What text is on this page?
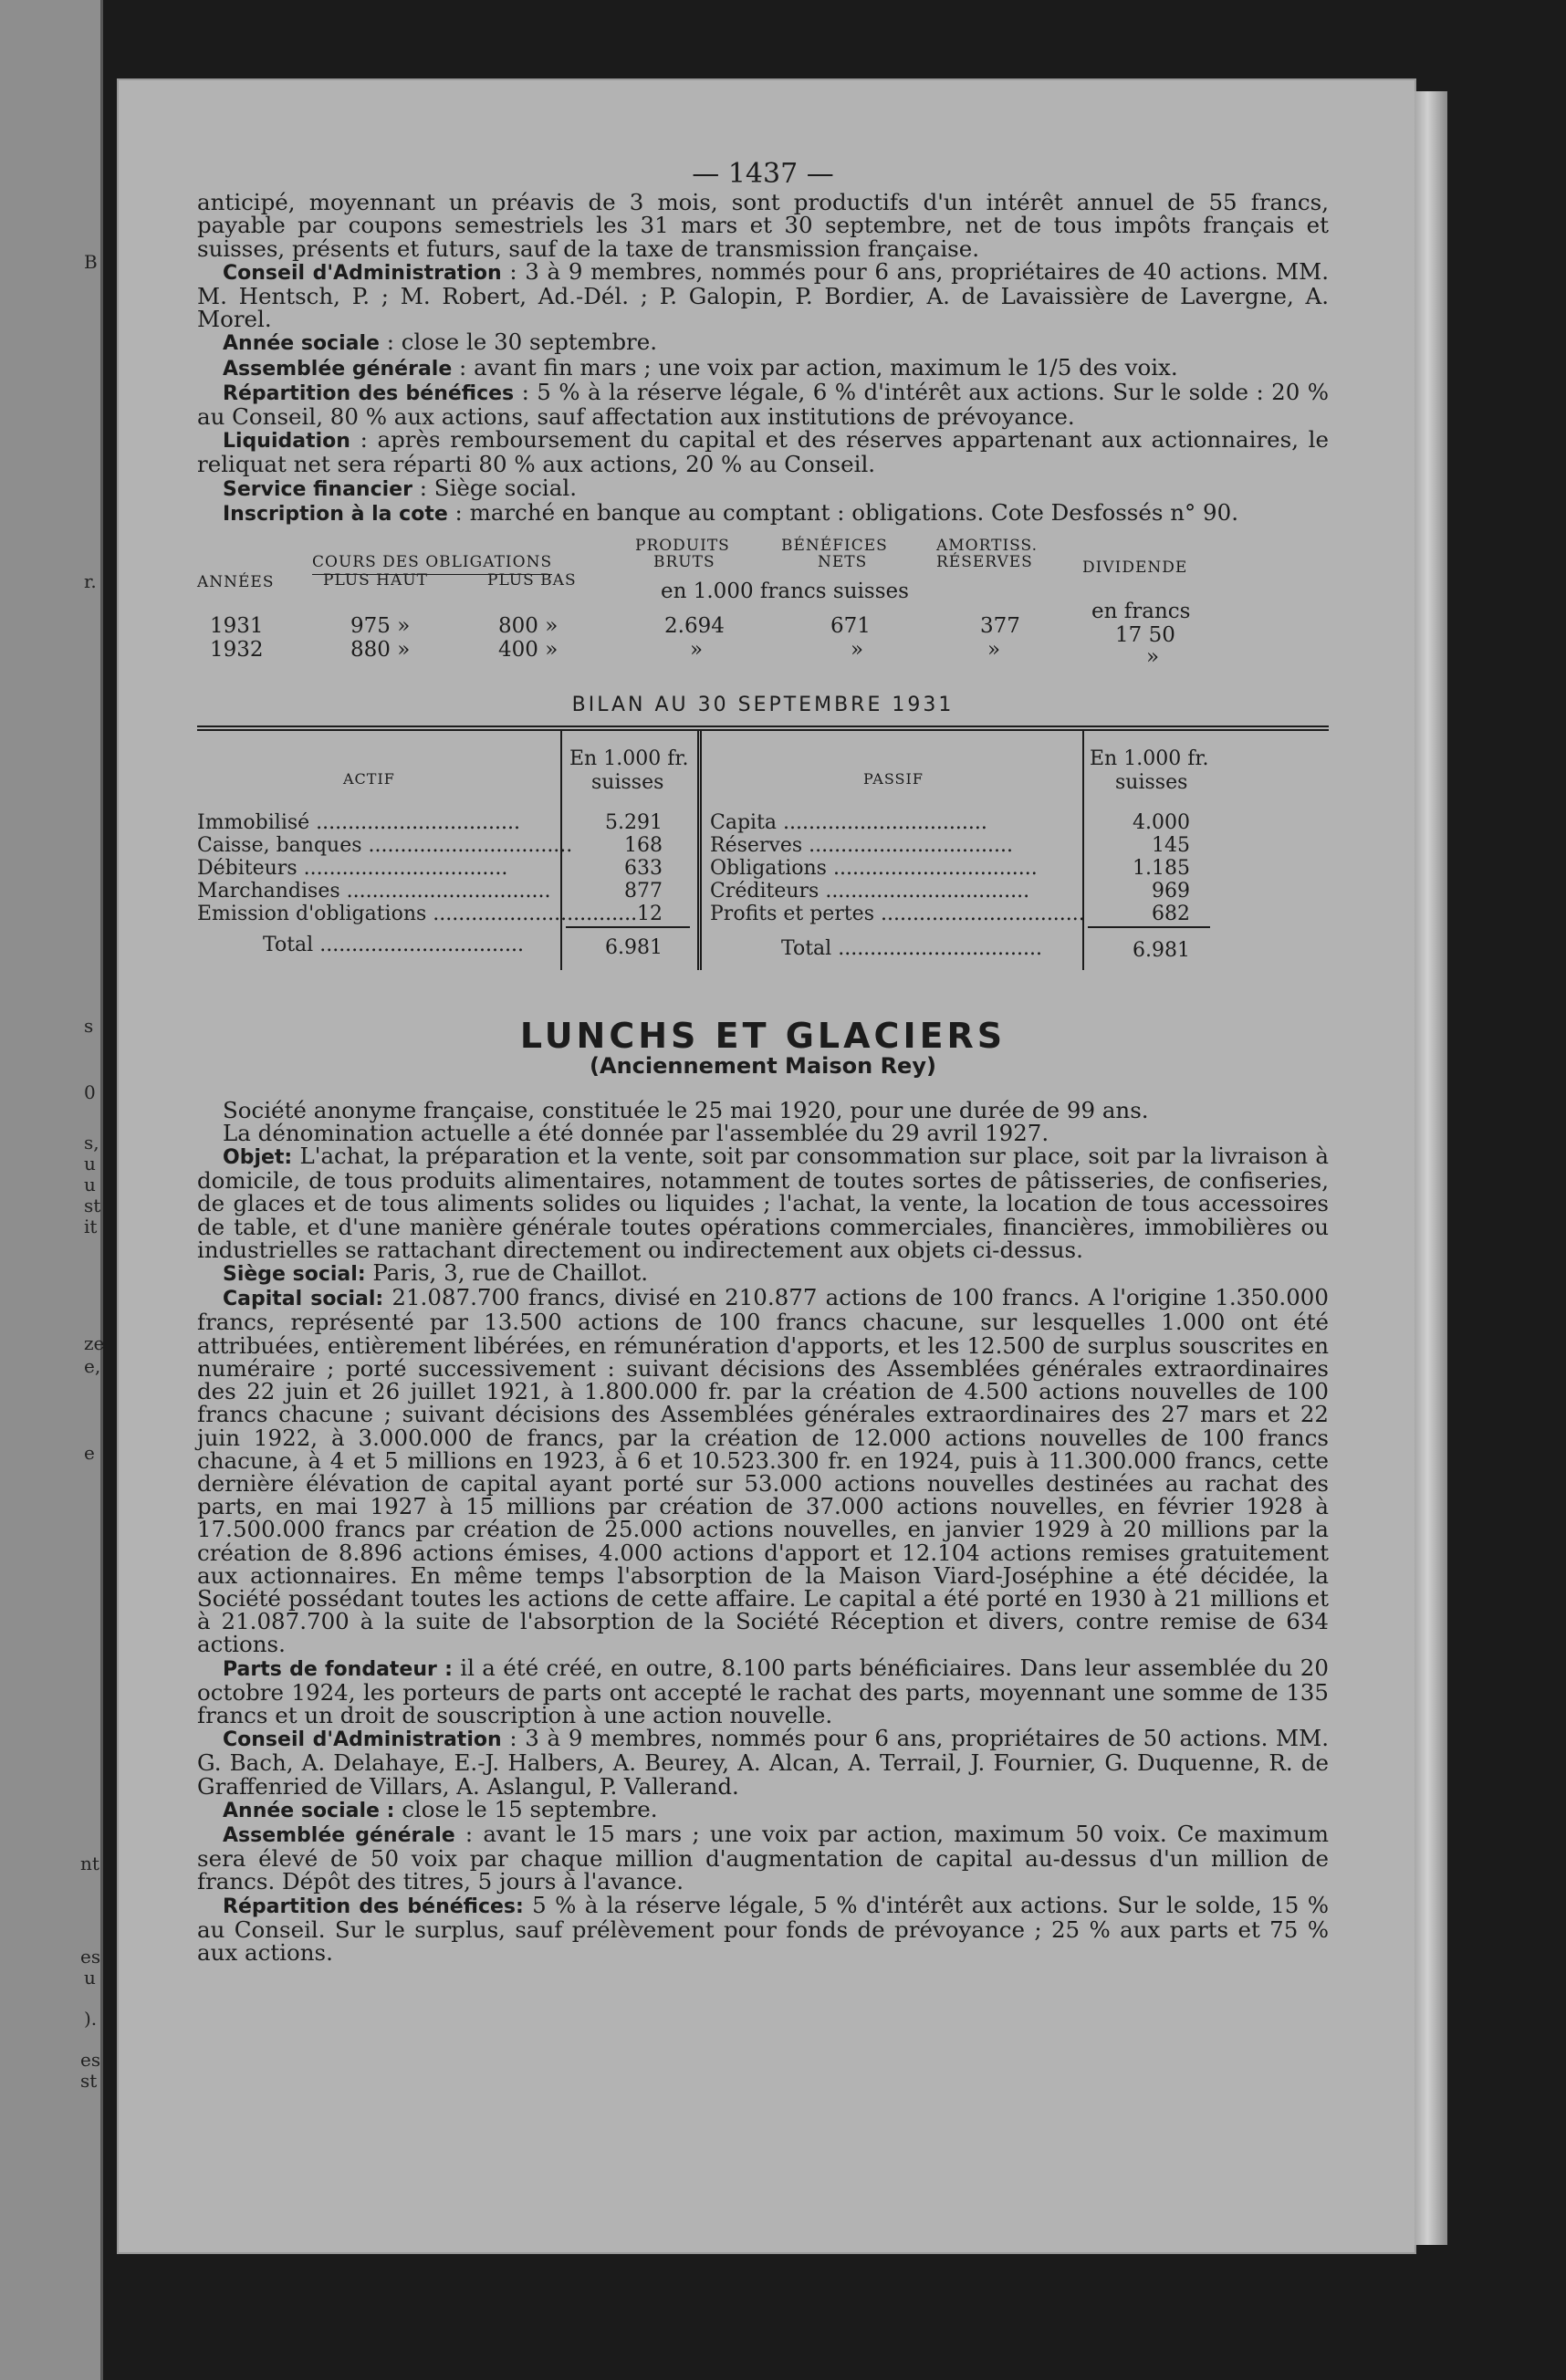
B
r.
s
0
s,
u
u
st
it
ze
e,
e
nt
es
u
).
es
st
— 1437 —

anticipé, moyennant un préavis de 3 mois, sont productifs d'un intérêt annuel de 55 francs, payable par coupons semestriels les 31 mars et 30 septembre, net de tous impôts français et suisses, présents et futurs, sauf de la taxe de transmission française.

Conseil d'Administration : 3 à 9 membres, nommés pour 6 ans, propriétaires de 40 actions. MM. M. Hentsch, P. ; M. Robert, Ad.-Dél. ; P. Galopin, P. Bordier, A. de Lavaissière de Lavergne, A. Morel.

Année sociale : close le 30 septembre.

Assemblée générale : avant fin mars ; une voix par action, maximum le 1/5 des voix.

Répartition des bénéfices : 5 % à la réserve légale, 6 % d'intérêt aux actions. Sur le solde : 20 % au Conseil, 80 % aux actions, sauf affectation aux institutions de prévoyance.

Liquidation : après remboursement du capital et des réserves appartenant aux actionnaires, le reliquat net sera réparti 80 % aux actions, 20 % au Conseil.

Service financier : Siège social.

Inscription à la cote : marché en banque au comptant : obligations. Cote Desfossés n° 90.

PRODUITS
BRUTS
BÉNÉFICES
NETS
AMORTISS.
RÉSERVES
COURS DES OBLIGATIONS
ANNÉES	PLUS HAUT	PLUS BAS
DIVIDENDE
en 1.000 francs suisses
en francs
1931	975 »	800 »	2.694	671	377	17 50
1932	880 »	400 »	»	»	»	»
BILAN AU 30 SEPTEMBRE 1931
ACTIF
En 1.000 fr.
suisses	PASSIF
En 1.000 fr.
suisses
Immobilisé ................................	5.291
Caisse, banques ................................	168
Débiteurs ................................	633
Marchandises ................................	877
Emission d'obligations ................................ 12
Total ................................	6.981
Capita ................................	4.000
Réserves ................................	145
Obligations ................................	1.185
Créditeurs ................................	969
Profits et pertes ................................	682
Total ................................	6.981
LUNCHS ET GLACIERS
(Anciennement Maison Rey)

Société anonyme française, constituée le 25 mai 1920, pour une durée de 99 ans.

La dénomination actuelle a été donnée par l'assemblée du 29 avril 1927.

Objet: L'achat, la préparation et la vente, soit par consommation sur place, soit par la livraison à domicile, de tous produits alimentaires, notamment de toutes sortes de pâtisseries, de confiseries, de glaces et de tous aliments solides ou liquides ; l'achat, la vente, la location de tous accessoires de table, et d'une manière générale toutes opérations commerciales, financières, immobilières ou industrielles se rattachant directement ou indirectement aux objets ci-dessus.

Siège social: Paris, 3, rue de Chaillot.

Capital social: 21.087.700 francs, divisé en 210.877 actions de 100 francs. A l'origine 1.350.000 francs, représenté par 13.500 actions de 100 francs chacune, sur lesquelles 1.000 ont été attribuées, entièrement libérées, en rémunération d'apports, et les 12.500 de surplus souscrites en numéraire ; porté successivement : suivant décisions des Assemblées générales extraordinaires des 22 juin et 26 juillet 1921, à 1.800.000 fr. par la création de 4.500 actions nouvelles de 100 francs chacune ; suivant décisions des Assemblées générales extraordinaires des 27 mars et 22 juin 1922, à 3.000.000 de francs, par la création de 12.000 actions nouvelles de 100 francs chacune, à 4 et 5 millions en 1923, à 6 et 10.523.300 fr. en 1924, puis à 11.300.000 francs, cette dernière élévation de capital ayant porté sur 53.000 actions nouvelles destinées au rachat des parts, en mai 1927 à 15 millions par création de 37.000 actions nouvelles, en février 1928 à 17.500.000 francs par création de 25.000 actions nouvelles, en janvier 1929 à 20 millions par la création de 8.896 actions émises, 4.000 actions d'apport et 12.104 actions remises gratuitement aux actionnaires. En même temps l'absorption de la Maison Viard-Joséphine a été décidée, la Société possédant toutes les actions de cette affaire. Le capital a été porté en 1930 à 21 millions et à 21.087.700 à la suite de l'absorption de la Société Réception et divers, contre remise de 634 actions.

Parts de fondateur : il a été créé, en outre, 8.100 parts bénéficiaires. Dans leur assemblée du 20 octobre 1924, les porteurs de parts ont accepté le rachat des parts, moyennant une somme de 135 francs et un droit de souscription à une action nouvelle.

Conseil d'Administration : 3 à 9 membres, nommés pour 6 ans, propriétaires de 50 actions. MM. G. Bach, A. Delahaye, E.-J. Halbers, A. Beurey, A. Alcan, A. Terrail, J. Fournier, G. Duquenne, R. de Graffenried de Villars, A. Aslangul, P. Vallerand.

Année sociale : close le 15 septembre.

Assemblée générale : avant le 15 mars ; une voix par action, maximum 50 voix. Ce maximum sera élevé de 50 voix par chaque million d'augmentation de capital au-dessus d'un million de francs. Dépôt des titres, 5 jours à l'avance.

Répartition des bénéfices: 5 % à la réserve légale, 5 % d'intérêt aux actions. Sur le solde, 15 % au Conseil. Sur le surplus, sauf prélèvement pour fonds de prévoyance ; 25 % aux parts et 75 % aux actions.
